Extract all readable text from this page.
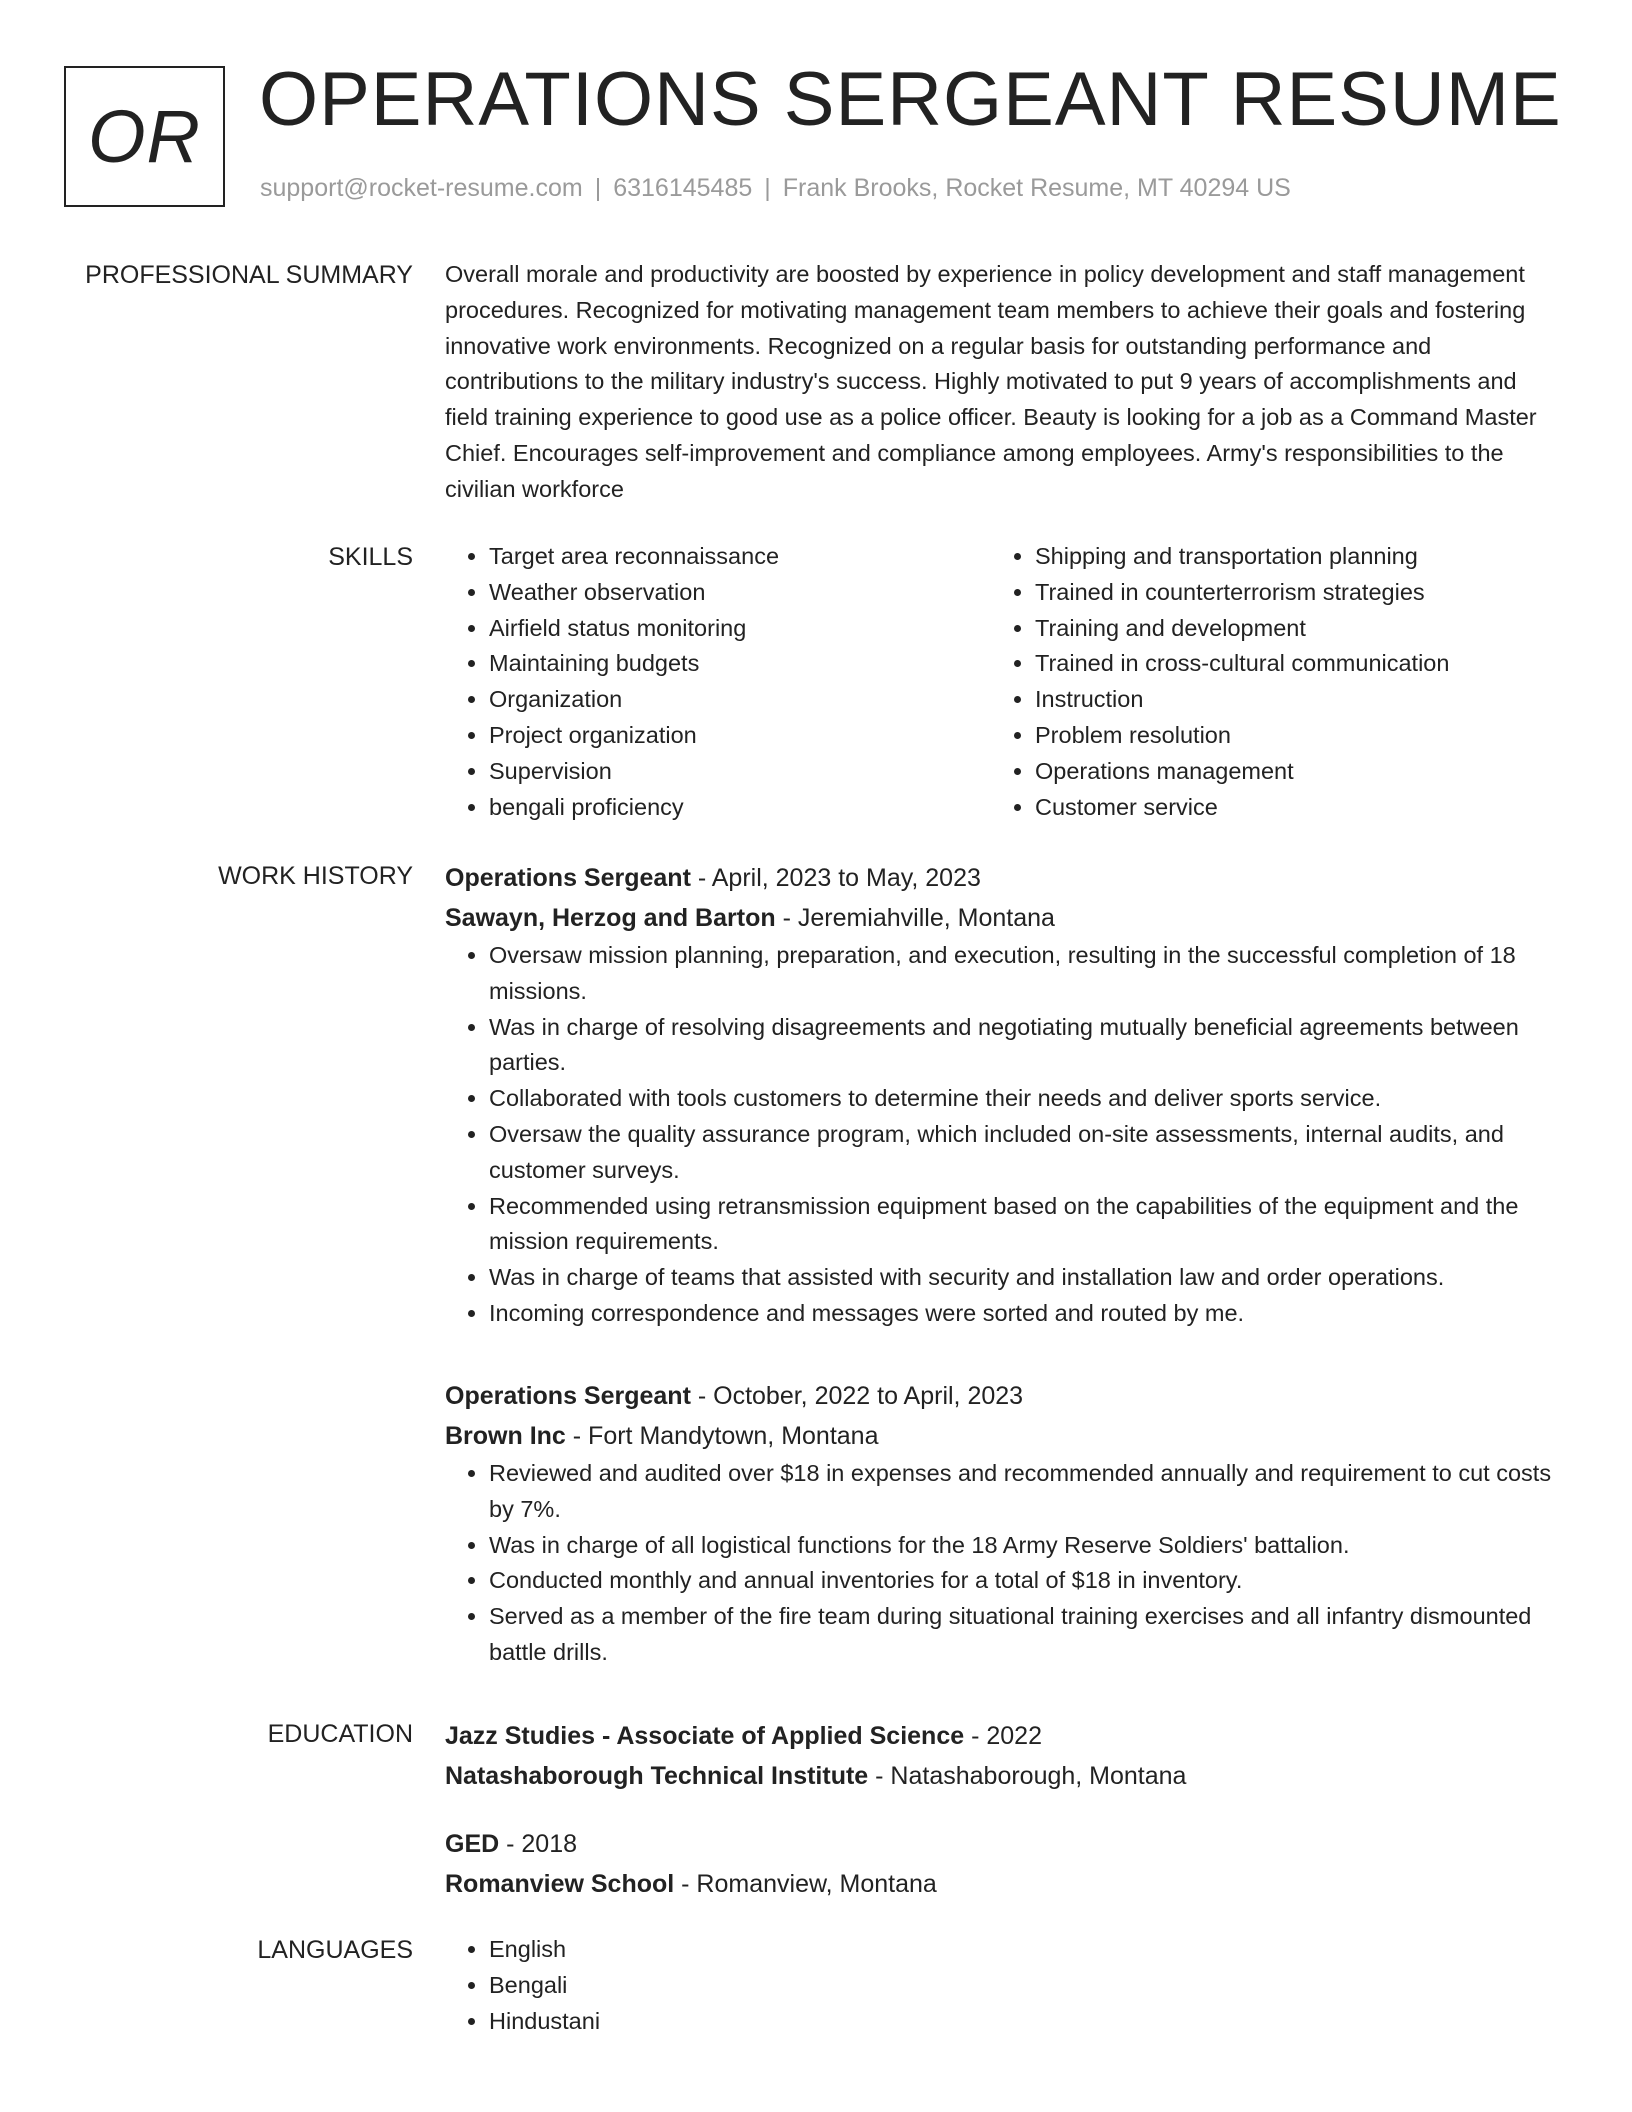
OR OPERATIONS SERGEANT RESUME
support@rocket-resume.com | 6316145485 | Frank Brooks, Rocket Resume, MT 40294 US
PROFESSIONAL SUMMARY Overall morale and productivity are boosted by experience in policy development and staff management procedures. Recognized for motivating management team members to achieve their goals and fostering innovative work environments. Recognized on a regular basis for outstanding performance and contributions to the military industry's success. Highly motivated to put 9 years of accomplishments and field training experience to good use as a police officer. Beauty is looking for a job as a Command Master Chief. Encourages self-improvement and compliance among employees. Army's responsibilities to the civilian workforce
SKILLS	• Target area reconnaissance
• Weather observation
• Airfield status monitoring
• Maintaining budgets
• Organization
• Project organization
• Supervision
• bengali proficiency
• Shipping and transportation planning
• Trained in counterterrorism strategies
• Training and development
• Trained in cross-cultural communication
• Instruction
• Problem resolution
• Operations management
• Customer service
WORK HISTORY Operations Sergeant - April, 2023 to May, 2023
Sawayn, Herzog and Barton - Jeremiahville, Montana
• Oversaw mission planning, preparation, and execution, resulting in the successful completion of 18 missions.
• Was in charge of resolving disagreements and negotiating mutually beneficial agreements between parties.
• Collaborated with tools customers to determine their needs and deliver sports service.
• Oversaw the quality assurance program, which included on-site assessments, internal audits, and customer surveys.
• Recommended using retransmission equipment based on the capabilities of the equipment and the mission requirements.
• Was in charge of teams that assisted with security and installation law and order operations.
• Incoming correspondence and messages were sorted and routed by me.
Operations Sergeant - October, 2022 to April, 2023
Brown Inc - Fort Mandytown, Montana
• Reviewed and audited over $18 in expenses and recommended annually and requirement to cut costs by 7%.
• Was in charge of all logistical functions for the 18 Army Reserve Soldiers' battalion.
• Conducted monthly and annual inventories for a total of $18 in inventory.
• Served as a member of the fire team during situational training exercises and all infantry dismounted battle drills.
EDUCATION Jazz Studies - Associate of Applied Science - 2022
Natashaborough Technical Institute - Natashaborough, Montana
GED - 2018
Romanview School - Romanview, Montana
LANGUAGES	• English
• Bengali
• Hindustani
